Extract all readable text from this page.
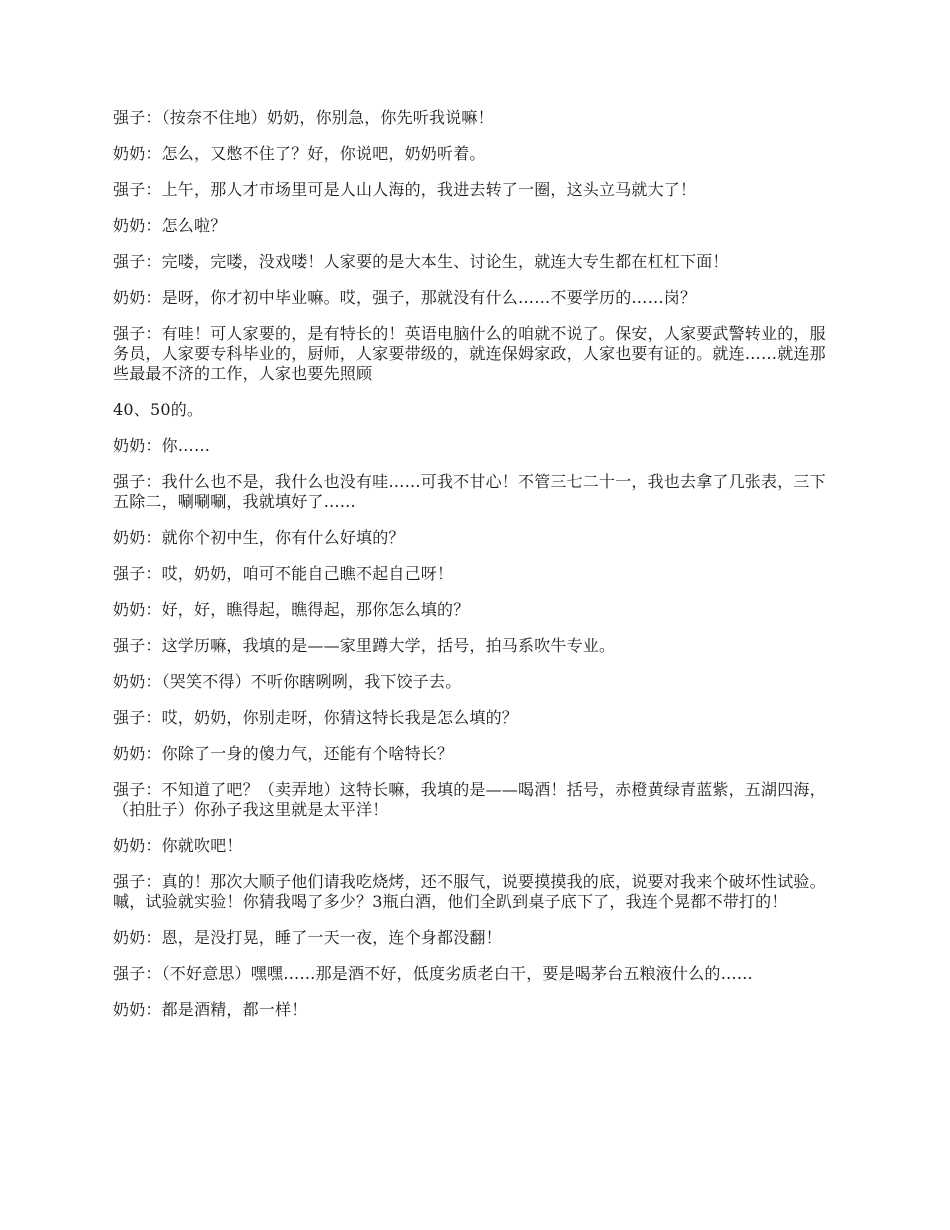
强子：（按奈不住地）奶奶，你别急，你先听我说嘛！

奶奶：怎么，又憋不住了？好，你说吧，奶奶听着。

强子：上午，那人才市场里可是人山人海的，我进去转了一圈，这头立马就大了！

奶奶：怎么啦？

强子：完喽，完喽，没戏喽！人家要的是大本生、讨论生，就连大专生都在杠杠下面！

奶奶：是呀，你才初中毕业嘛。哎，强子，那就没有什么……不要学历的……岗？

强子：有哇！可人家要的，是有特长的！英语电脑什么的咱就不说了。保安，人家要武警转业的，服务员，人家要专科毕业的，厨师，人家要带级的，就连保姆家政，人家也要有证的。就连……就连那些最最不济的工作，人家也要先照顾

40、50的。

奶奶：你……

强子：我什么也不是，我什么也没有哇……可我不甘心！不管三七二十一，我也去拿了几张表，三下五除二，唰唰唰，我就填好了……

奶奶：就你个初中生，你有什么好填的？

强子：哎，奶奶，咱可不能自己瞧不起自己呀！

奶奶：好，好，瞧得起，瞧得起，那你怎么填的？

强子：这学历嘛，我填的是——家里蹲大学，括号，拍马系吹牛专业。

奶奶：（哭笑不得）不听你瞎咧咧，我下饺子去。

强子：哎，奶奶，你别走呀，你猜这特长我是怎么填的？

奶奶：你除了一身的傻力气，还能有个啥特长？

强子：不知道了吧？（卖弄地）这特长嘛，我填的是——喝酒！括号，赤橙黄绿青蓝紫，五湖四海，（拍肚子）你孙子我这里就是太平洋！

奶奶：你就吹吧！

强子：真的！那次大顺子他们请我吃烧烤，还不服气，说要摸摸我的底，说要对我来个破坏性试验。嘁，试验就实验！你猜我喝了多少？3瓶白酒，他们全趴到桌子底下了，我连个晃都不带打的！

奶奶：恩，是没打晃，睡了一天一夜，连个身都没翻！

强子：（不好意思）嘿嘿……那是酒不好，低度劣质老白干，要是喝茅台五粮液什么的……

奶奶：都是酒精，都一样！
